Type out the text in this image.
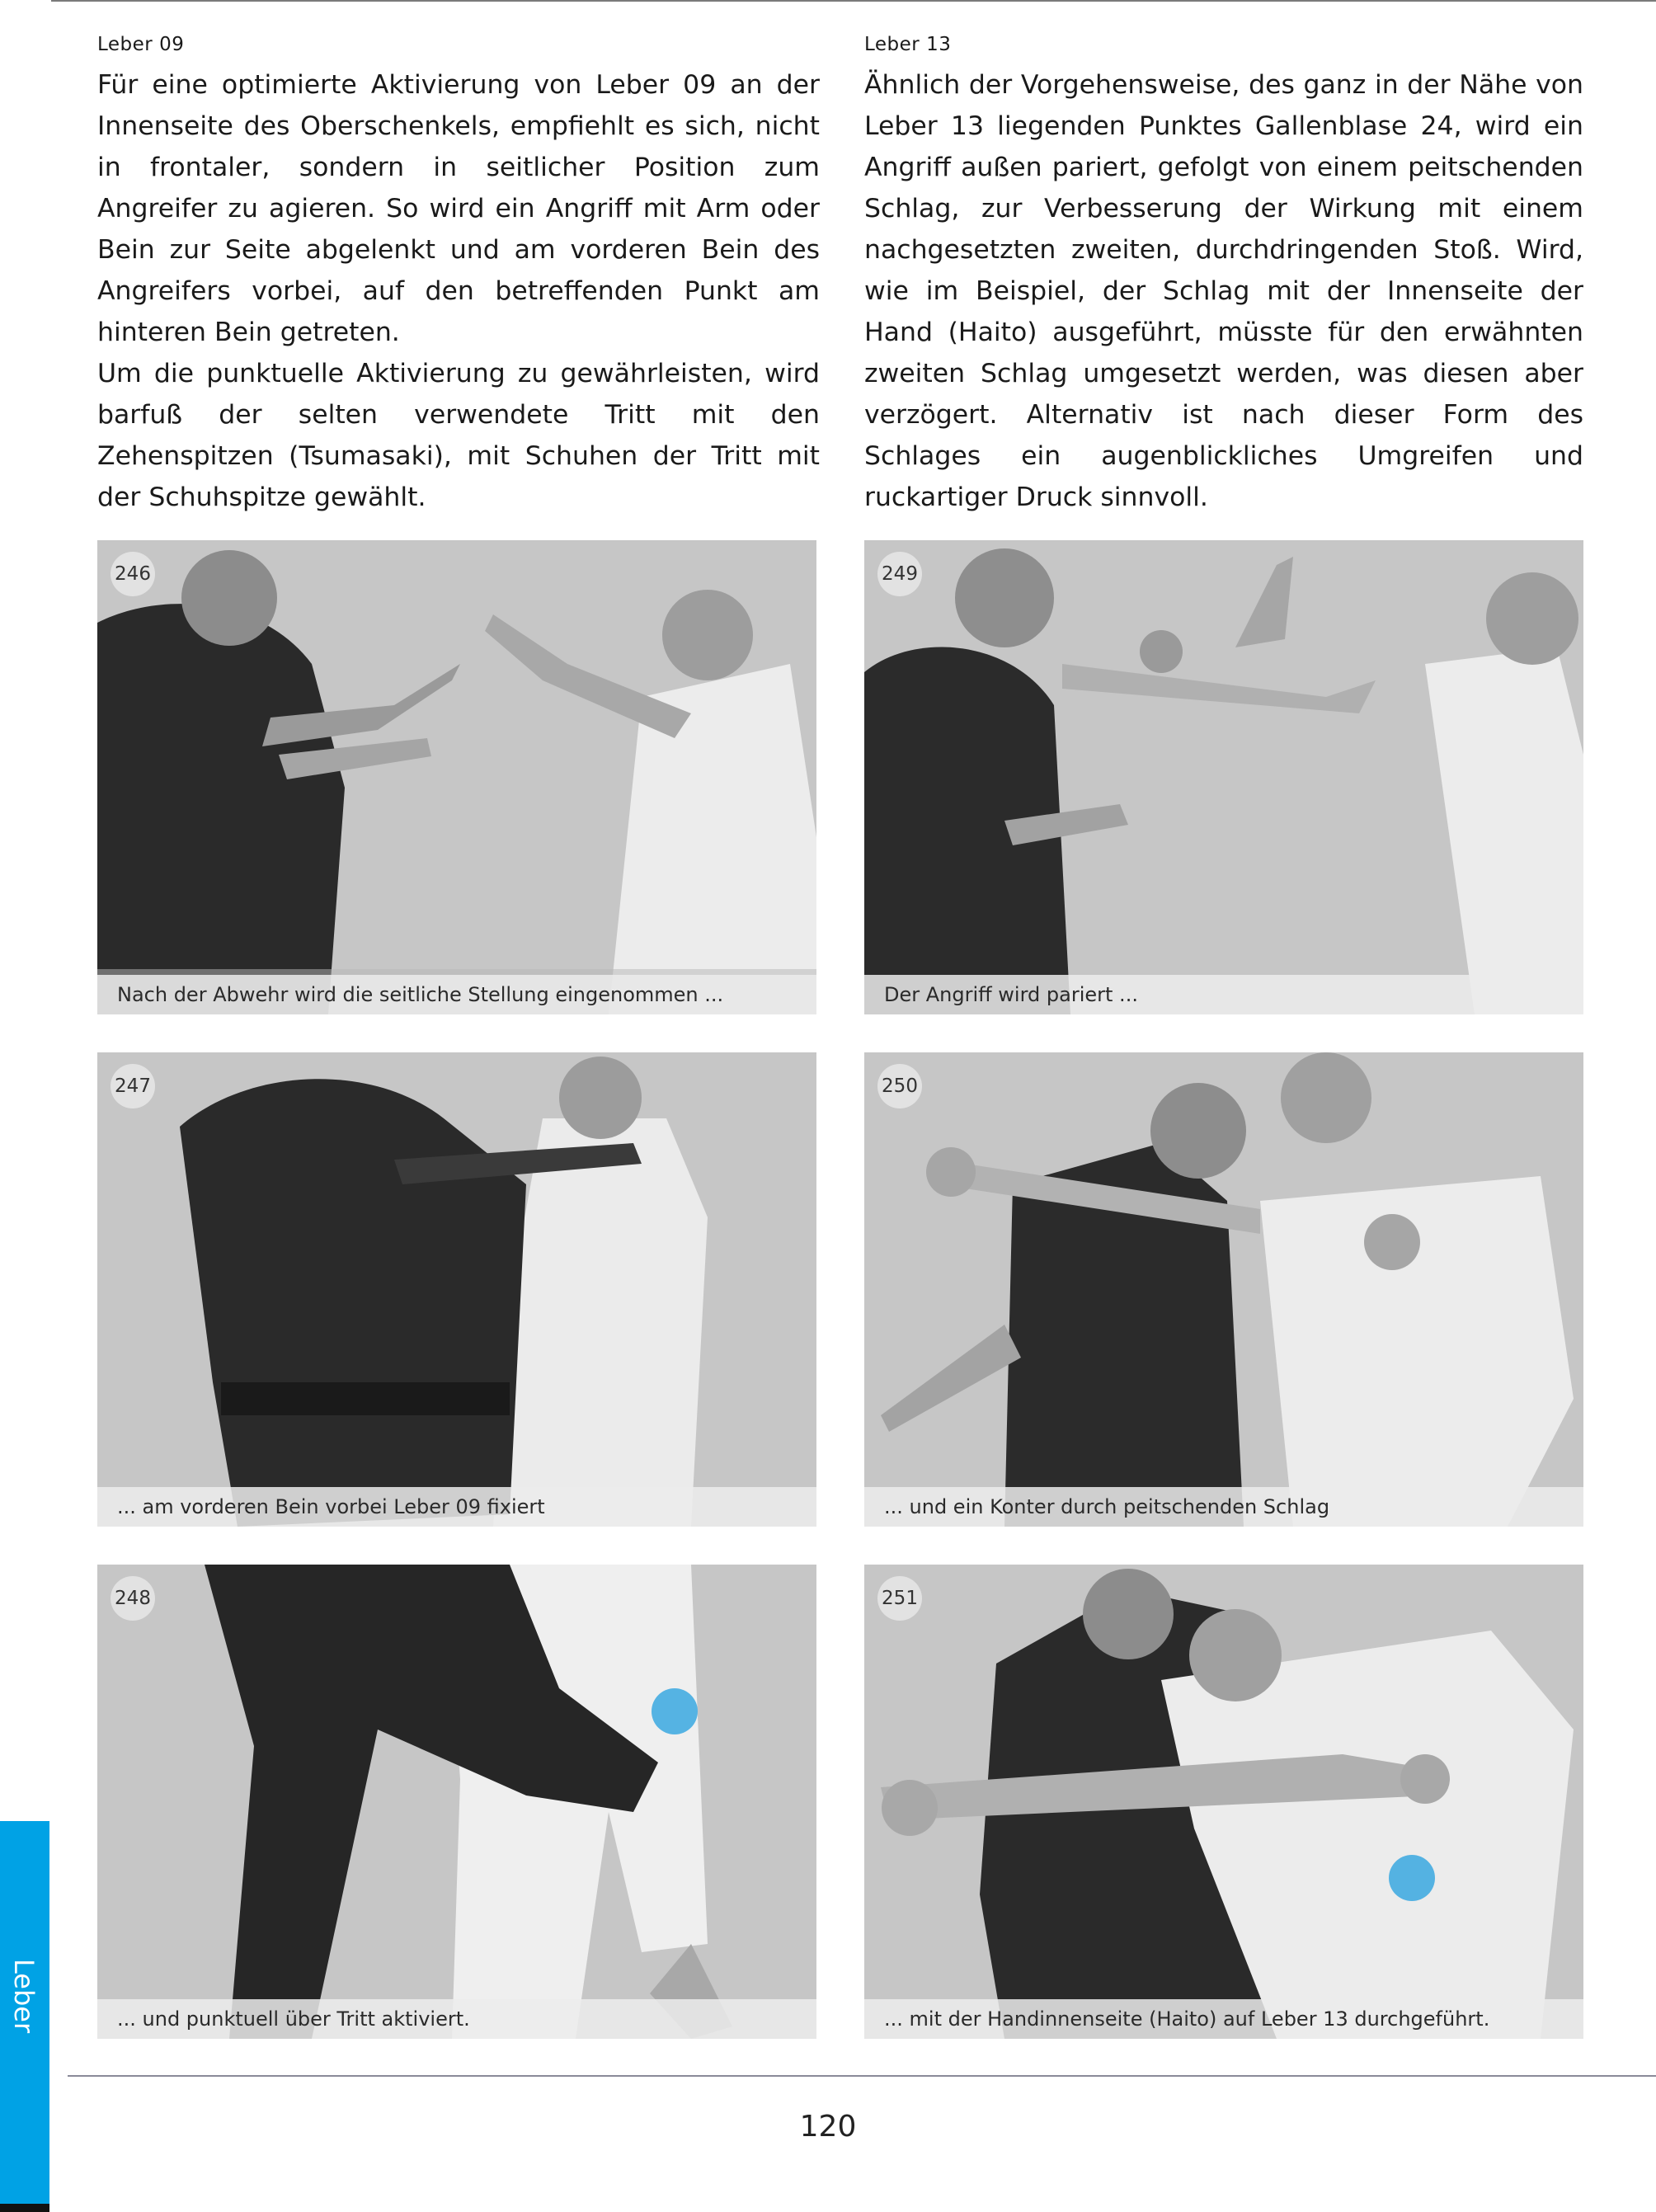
Leber 09

Für eine optimierte Aktivierung von Leber 09 an der Innenseite des Oberschenkels, empfiehlt es sich, nicht in frontaler, sondern in seitlicher Position zum Angreifer zu agieren. So wird ein Angriff mit Arm oder Bein zur Seite abgelenkt und am vorderen Bein des Angreifers vorbei, auf den betreffenden Punkt am hinteren Bein getreten.

Um die punktuelle Aktivierung zu gewährleisten, wird barfuß der selten verwendete Tritt mit den Zehenspitzen (Tsumasaki), mit Schuhen der Tritt mit der Schuhspitze gewählt.

Leber 13

Ähnlich der Vorgehensweise, des ganz in der Nähe von Leber 13 liegenden Punktes Gallenblase 24, wird ein Angriff außen pariert, gefolgt von einem peitschenden Schlag, zur Verbesserung der Wirkung mit einem nachgesetzten zweiten, durchdringenden Stoß. Wird, wie im Beispiel, der Schlag mit der Innenseite der Hand (Haito) ausgeführt, müsste für den erwähnten zweiten Schlag umgesetzt werden, was diesen aber verzögert. Alternativ ist nach dieser Form des Schlages ein augenblickliches Umgreifen und ruckartiger Druck sinnvoll.

246
Nach der Abwehr wird die seitliche Stellung eingenommen ...
249
Der Angriff wird pariert ...
247
... am vorderen Bein vorbei Leber 09 fixiert
250
... und ein Konter durch peitschenden Schlag
248
... und punktuell über Tritt aktiviert.
251
... mit der Handinnenseite (Haito) auf Leber 13 durchgeführt.
Leber
120
